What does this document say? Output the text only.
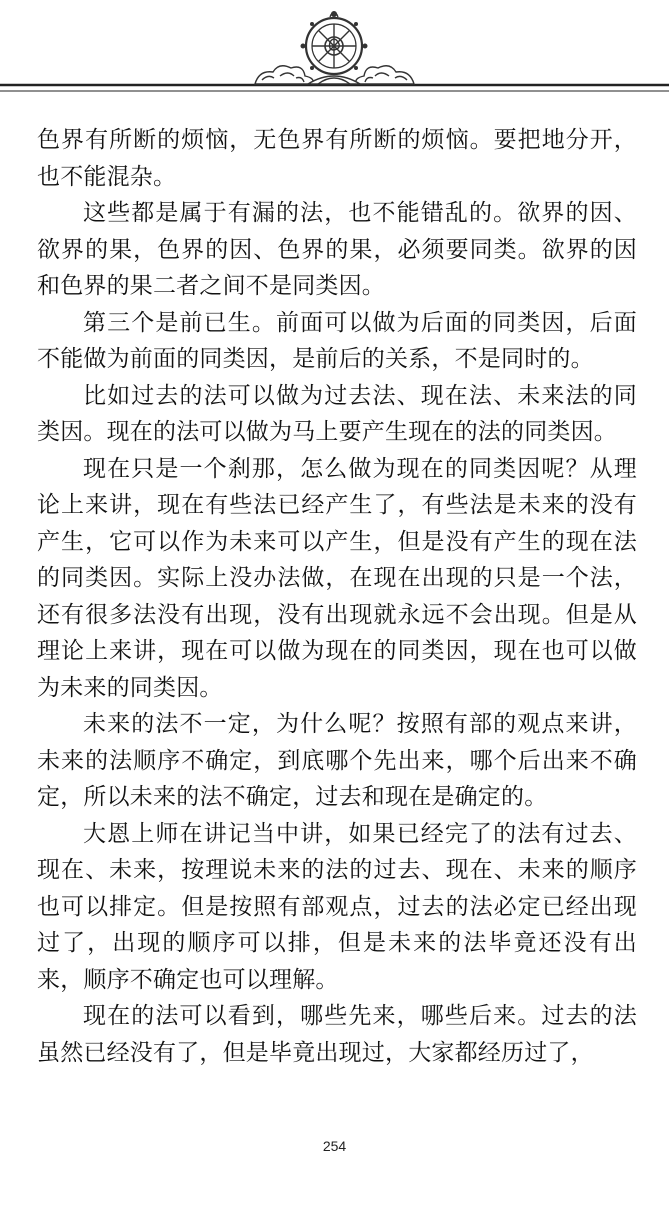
色界有所断的烦恼，无色界有所断的烦恼。要把地分开，也不能混杂。

这些都是属于有漏的法，也不能错乱的。欲界的因、欲界的果，色界的因、色界的果，必须要同类。欲界的因和色界的果二者之间不是同类因。

第三个是前已生。前面可以做为后面的同类因，后面不能做为前面的同类因，是前后的关系，不是同时的。

比如过去的法可以做为过去法、现在法、未来法的同类因。现在的法可以做为马上要产生现在的法的同类因。

现在只是一个刹那，怎么做为现在的同类因呢？从理论上来讲，现在有些法已经产生了，有些法是未来的没有产生，它可以作为未来可以产生，但是没有产生的现在法的同类因。实际上没办法做，在现在出现的只是一个法，还有很多法没有出现，没有出现就永远不会出现。但是从理论上来讲，现在可以做为现在的同类因，现在也可以做为未来的同类因。

未来的法不一定，为什么呢？按照有部的观点来讲，未来的法顺序不确定，到底哪个先出来，哪个后出来不确定，所以未来的法不确定，过去和现在是确定的。

大恩上师在讲记当中讲，如果已经完了的法有过去、现在、未来，按理说未来的法的过去、现在、未来的顺序也可以排定。但是按照有部观点，过去的法必定已经出现过了，出现的顺序可以排，但是未来的法毕竟还没有出来，顺序不确定也可以理解。

现在的法可以看到，哪些先来，哪些后来。过去的法虽然已经没有了，但是毕竟出现过，大家都经历过了，

254
